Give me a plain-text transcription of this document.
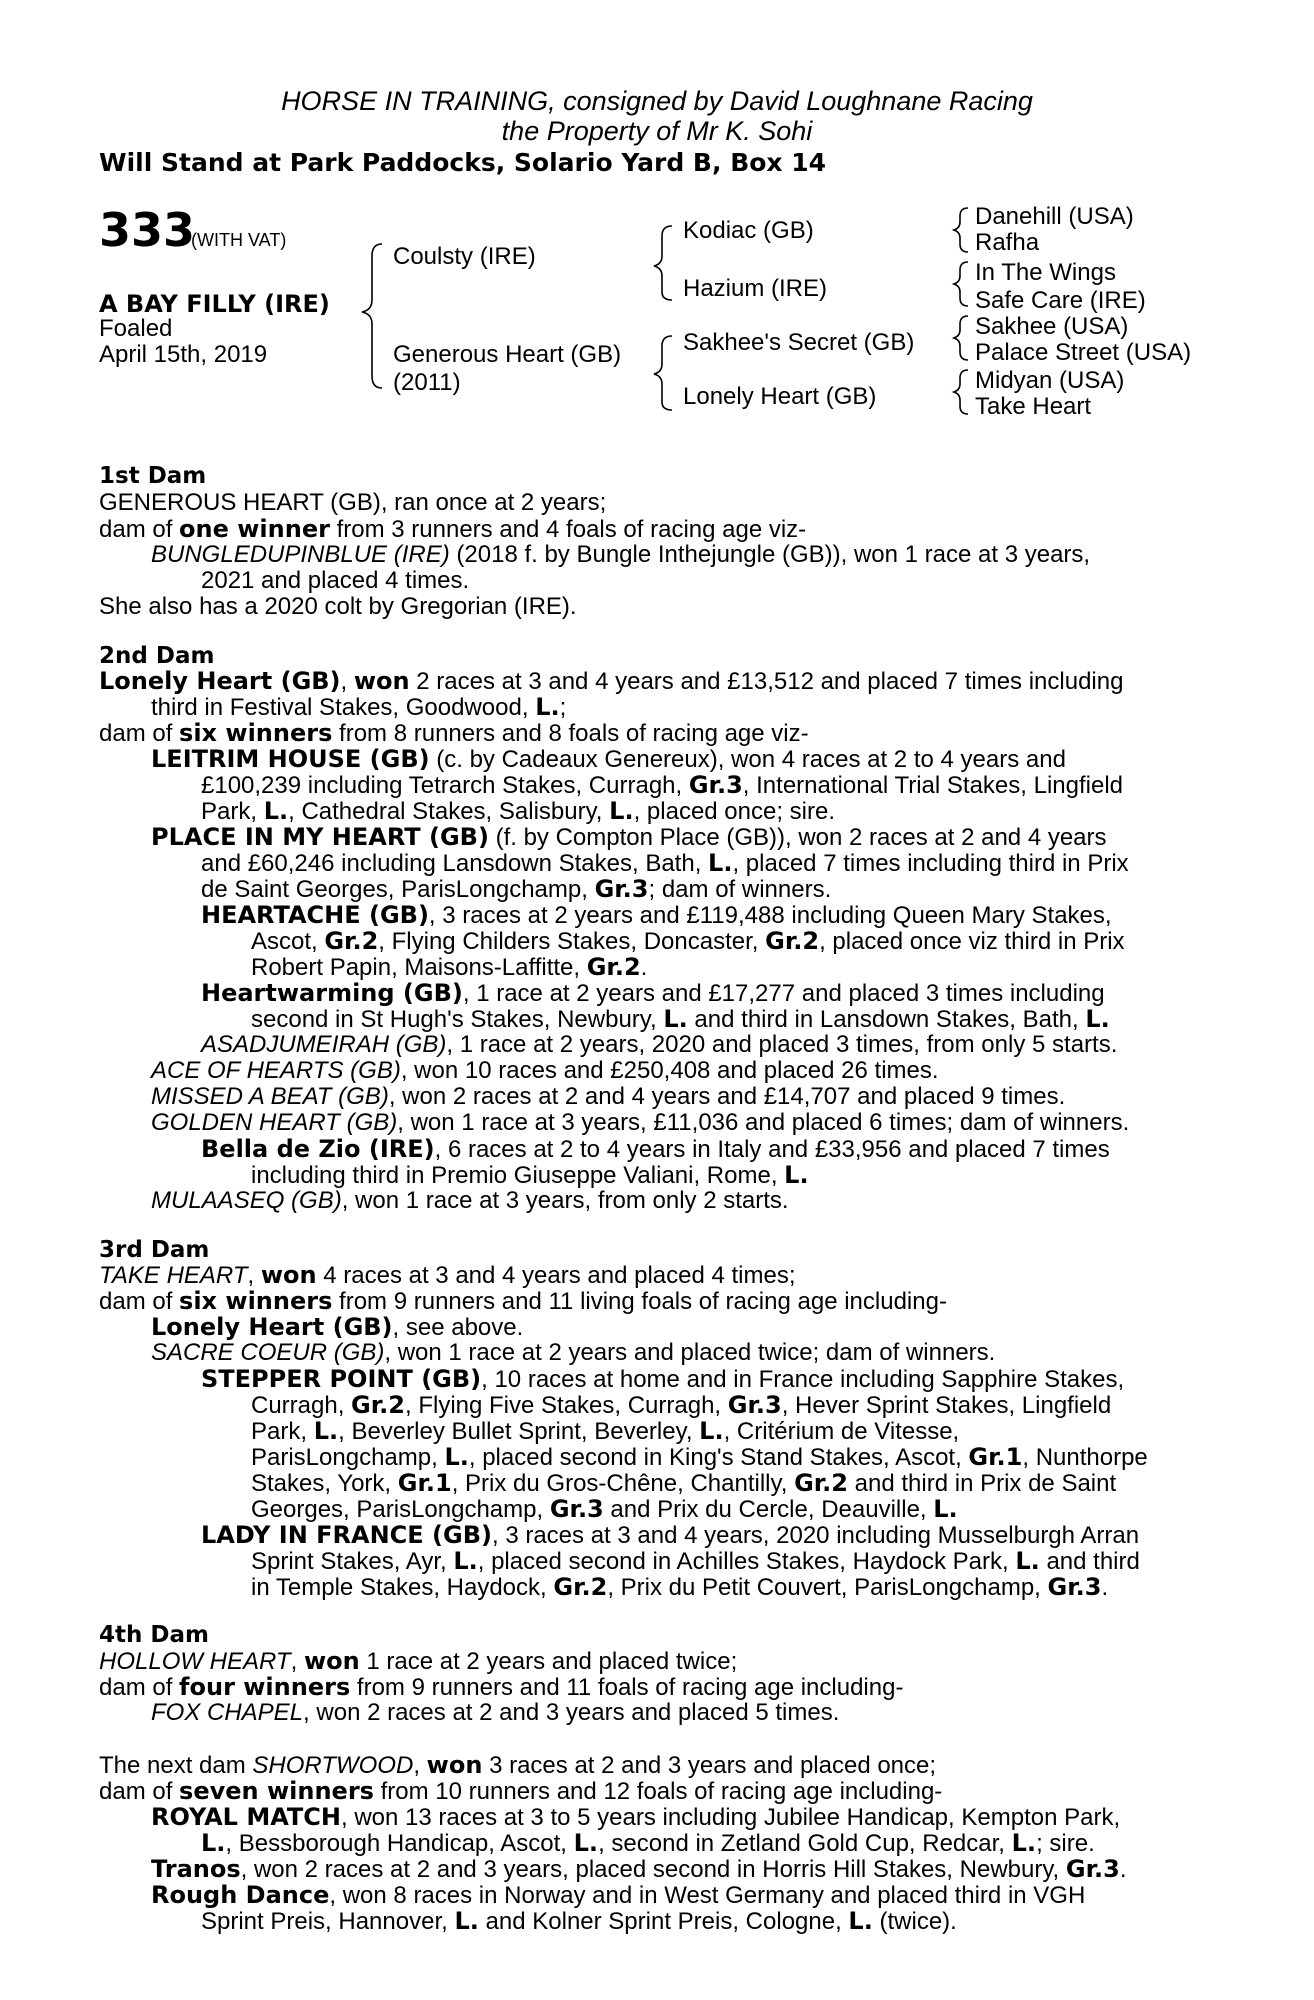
HORSE IN TRAINING, consigned by David Loughnane Racing
the Property of Mr K. Sohi
Will Stand at Park Paddocks, Solario Yard B, Box 14
333
(WITH VAT)
A BAY FILLY (IRE)
Foaled
April 15th, 2019
Coulsty (IRE)
Generous Heart (GB)
(2011)
Kodiac (GB)
Hazium (IRE)
Sakhee's Secret (GB)
Lonely Heart (GB)
Danehill (USA)
Rafha
In The Wings
Safe Care (IRE)
Sakhee (USA)
Palace Street (USA)
Midyan (USA)
Take Heart
1st Dam
GENEROUS HEART (GB), ran once at 2 years;
dam of one winner from 3 runners and 4 foals of racing age viz-
BUNGLEDUPINBLUE (IRE) (2018 f. by Bungle Inthejungle (GB)), won 1 race at 3 years,
2021 and placed 4 times.
She also has a 2020 colt by Gregorian (IRE).
2nd Dam
Lonely Heart (GB), won 2 races at 3 and 4 years and £13,512 and placed 7 times including
third in Festival Stakes, Goodwood, L.;
dam of six winners from 8 runners and 8 foals of racing age viz-
LEITRIM HOUSE (GB) (c. by Cadeaux Genereux), won 4 races at 2 to 4 years and
£100,239 including Tetrarch Stakes, Curragh, Gr.3, International Trial Stakes, Lingfield
Park, L., Cathedral Stakes, Salisbury, L., placed once; sire.
PLACE IN MY HEART (GB) (f. by Compton Place (GB)), won 2 races at 2 and 4 years
and £60,246 including Lansdown Stakes, Bath, L., placed 7 times including third in Prix
de Saint Georges, ParisLongchamp, Gr.3; dam of winners.
HEARTACHE (GB), 3 races at 2 years and £119,488 including Queen Mary Stakes,
Ascot, Gr.2, Flying Childers Stakes, Doncaster, Gr.2, placed once viz third in Prix
Robert Papin, Maisons-Laffitte, Gr.2.
Heartwarming (GB), 1 race at 2 years and £17,277 and placed 3 times including
second in St Hugh's Stakes, Newbury, L. and third in Lansdown Stakes, Bath, L.
ASADJUMEIRAH (GB), 1 race at 2 years, 2020 and placed 3 times, from only 5 starts.
ACE OF HEARTS (GB), won 10 races and £250,408 and placed 26 times.
MISSED A BEAT (GB), won 2 races at 2 and 4 years and £14,707 and placed 9 times.
GOLDEN HEART (GB), won 1 race at 3 years, £11,036 and placed 6 times; dam of winners.
Bella de Zio (IRE), 6 races at 2 to 4 years in Italy and £33,956 and placed 7 times
including third in Premio Giuseppe Valiani, Rome, L.
MULAASEQ (GB), won 1 race at 3 years, from only 2 starts.
3rd Dam
TAKE HEART, won 4 races at 3 and 4 years and placed 4 times;
dam of six winners from 9 runners and 11 living foals of racing age including-
Lonely Heart (GB), see above.
SACRE COEUR (GB), won 1 race at 2 years and placed twice; dam of winners.
STEPPER POINT (GB), 10 races at home and in France including Sapphire Stakes,
Curragh, Gr.2, Flying Five Stakes, Curragh, Gr.3, Hever Sprint Stakes, Lingfield
Park, L., Beverley Bullet Sprint, Beverley, L., Critérium de Vitesse,
ParisLongchamp, L., placed second in King's Stand Stakes, Ascot, Gr.1, Nunthorpe
Stakes, York, Gr.1, Prix du Gros-Chêne, Chantilly, Gr.2 and third in Prix de Saint
Georges, ParisLongchamp, Gr.3 and Prix du Cercle, Deauville, L.
LADY IN FRANCE (GB), 3 races at 3 and 4 years, 2020 including Musselburgh Arran
Sprint Stakes, Ayr, L., placed second in Achilles Stakes, Haydock Park, L. and third
in Temple Stakes, Haydock, Gr.2, Prix du Petit Couvert, ParisLongchamp, Gr.3.
4th Dam
HOLLOW HEART, won 1 race at 2 years and placed twice;
dam of four winners from 9 runners and 11 foals of racing age including-
FOX CHAPEL, won 2 races at 2 and 3 years and placed 5 times.
The next dam SHORTWOOD, won 3 races at 2 and 3 years and placed once;
dam of seven winners from 10 runners and 12 foals of racing age including-
ROYAL MATCH, won 13 races at 3 to 5 years including Jubilee Handicap, Kempton Park,
L., Bessborough Handicap, Ascot, L., second in Zetland Gold Cup, Redcar, L.; sire.
Tranos, won 2 races at 2 and 3 years, placed second in Horris Hill Stakes, Newbury, Gr.3.
Rough Dance, won 8 races in Norway and in West Germany and placed third in VGH
Sprint Preis, Hannover, L. and Kolner Sprint Preis, Cologne, L. (twice).
